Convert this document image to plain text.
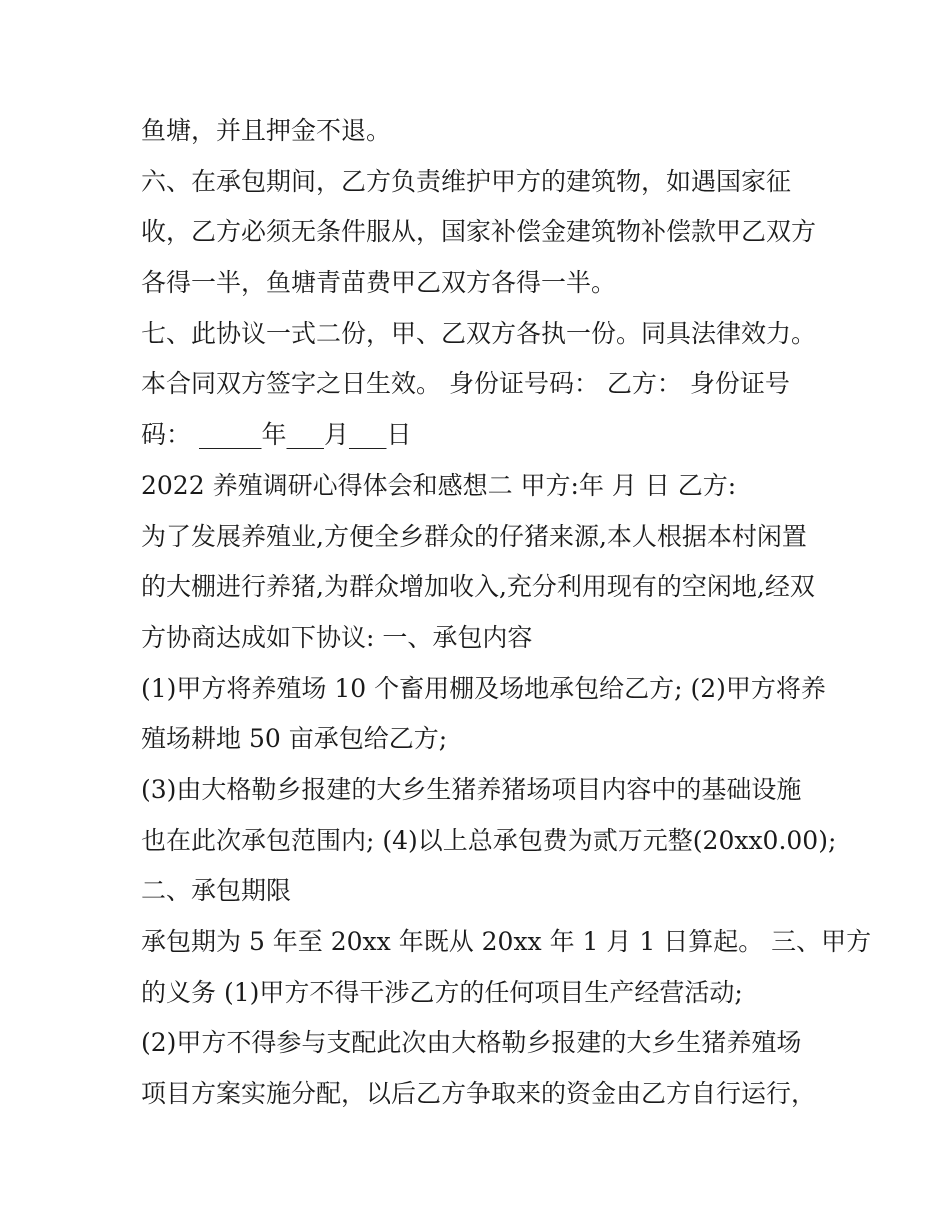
鱼塘，并且押金不退。
六、在承包期间，乙方负责维护甲方的建筑物，如遇国家征
收，乙方必须无条件服从，国家补偿金建筑物补偿款甲乙双方
各得一半，鱼塘青苗费甲乙双方各得一半。
七、此协议一式二份，甲、乙双方各执一份。同具法律效力。
本合同双方签字之日生效。 身份证号码： 乙方： 身份证号
码： _____年___月___日
2022 养殖调研心得体会和感想二 甲方:年 月 日 乙方:
为了发展养殖业,方便全乡群众的仔猪来源,本人根据本村闲置
的大棚进行养猪,为群众增加收入,充分利用现有的空闲地,经双
方协商达成如下协议: 一、承包内容
(1)甲方将养殖场 10 个畜用棚及场地承包给乙方; (2)甲方将养
殖场耕地 50 亩承包给乙方;
(3)由大格勒乡报建的大乡生猪养猪场项目内容中的基础设施
也在此次承包范围内; (4)以上总承包费为贰万元整(20xx0.00);
二、承包期限
承包期为 5 年至 20xx 年既从 20xx 年 1 月 1 日算起。 三、甲方
的义务 (1)甲方不得干涉乙方的任何项目生产经营活动;
(2)甲方不得参与支配此次由大格勒乡报建的大乡生猪养殖场
项目方案实施分配，以后乙方争取来的资金由乙方自行运行，
